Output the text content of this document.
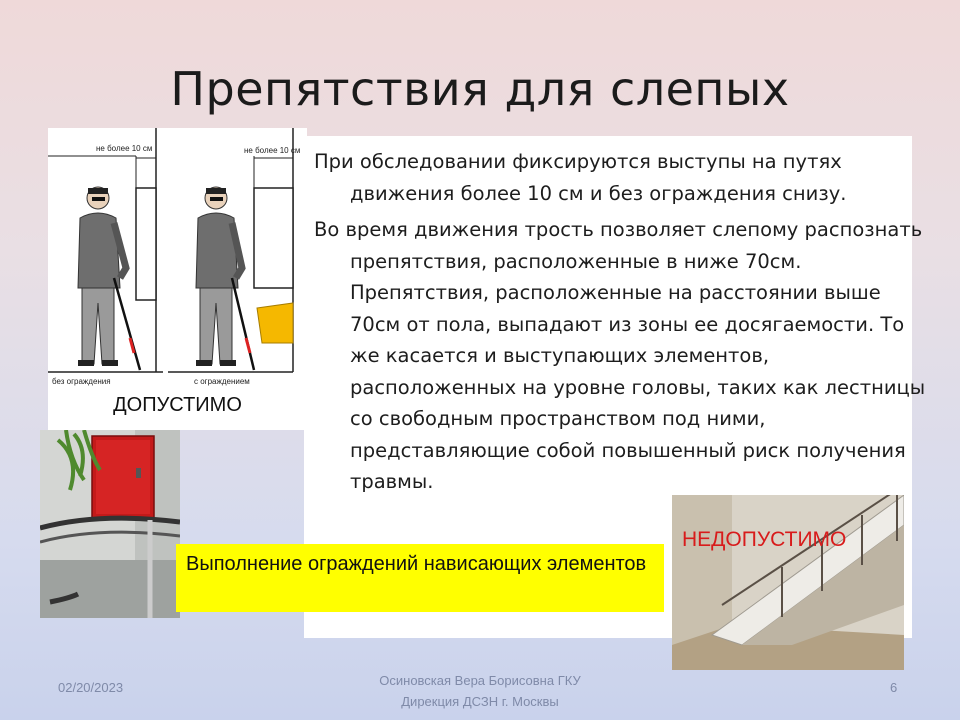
Препятствия для слепых

При обследовании фиксируются выступы на путях движения более 10 см и без ограждения снизу.

Во время движения трость позволяет слепому распознать препятствия, расположенные в ниже 70см. Препятствия, расположенные на расстоянии выше 70см от пола, выпадают из зоны ее досягаемости. То же касается и выступающих элементов, расположенных на уровне головы, таких как лестницы со свободным пространством под ними, представляющие собой повышенный риск получения травмы.

не более 10 см	не более 10 см
без ограждения	с ограждением
ДОПУСТИМО
НЕДОПУСТИМО
Выполнение ограждений нависающих элементов
02/20/2023	Осиновская Вера Борисовна ГКУ
Дирекция ДСЗН г. Москвы
6
